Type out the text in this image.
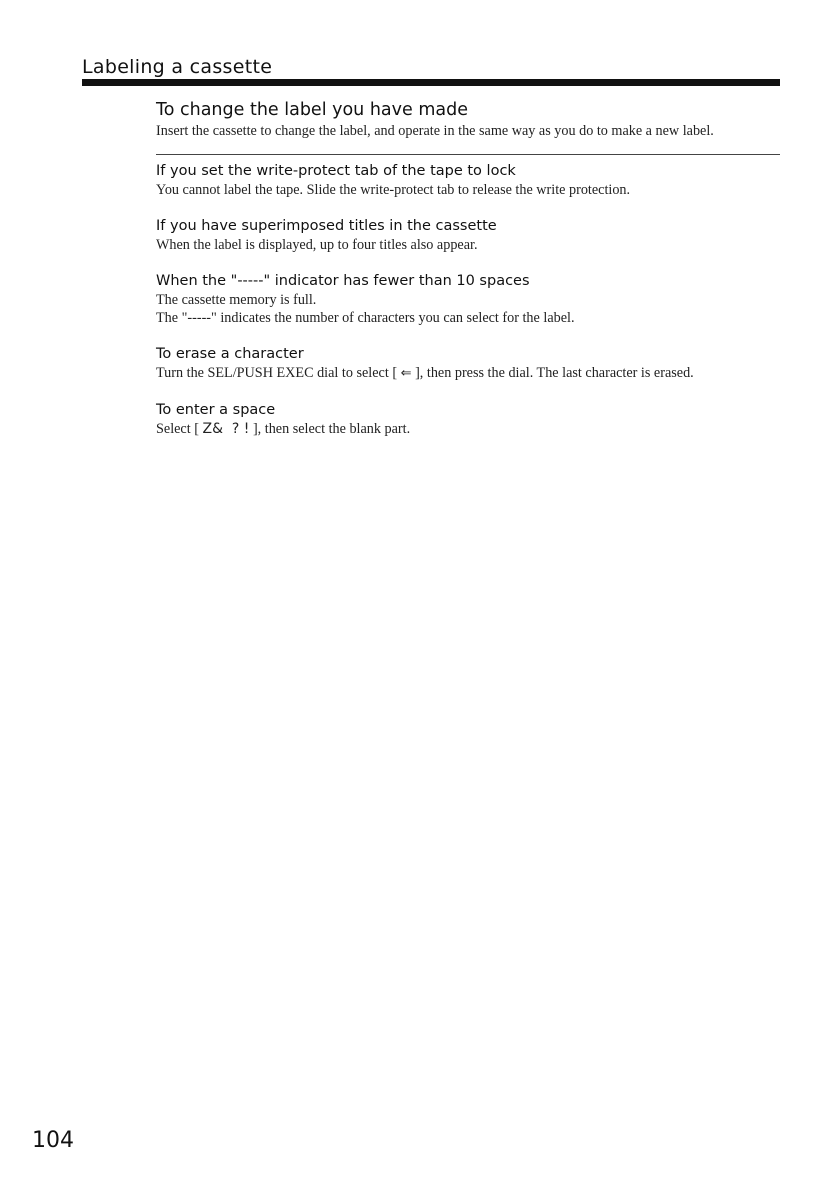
Labeling a cassette
To change the label you have made

Insert the cassette to change the label, and operate in the same way as you do to make a new label.

If you set the write-protect tab of the tape to lock

You cannot label the tape. Slide the write-protect tab to release the write protection.

If you have superimposed titles in the cassette

When the label is displayed, up to four titles also appear.

When the "-----" indicator has fewer than 10 spaces

The cassette memory is full.

The "-----" indicates the number of characters you can select for the label.

To erase a character

Turn the SEL/PUSH EXEC dial to select [ ⇐ ], then press the dial. The last character is erased.

To enter a space

Select [ Z&  ? ! ], then select the blank part.

104
